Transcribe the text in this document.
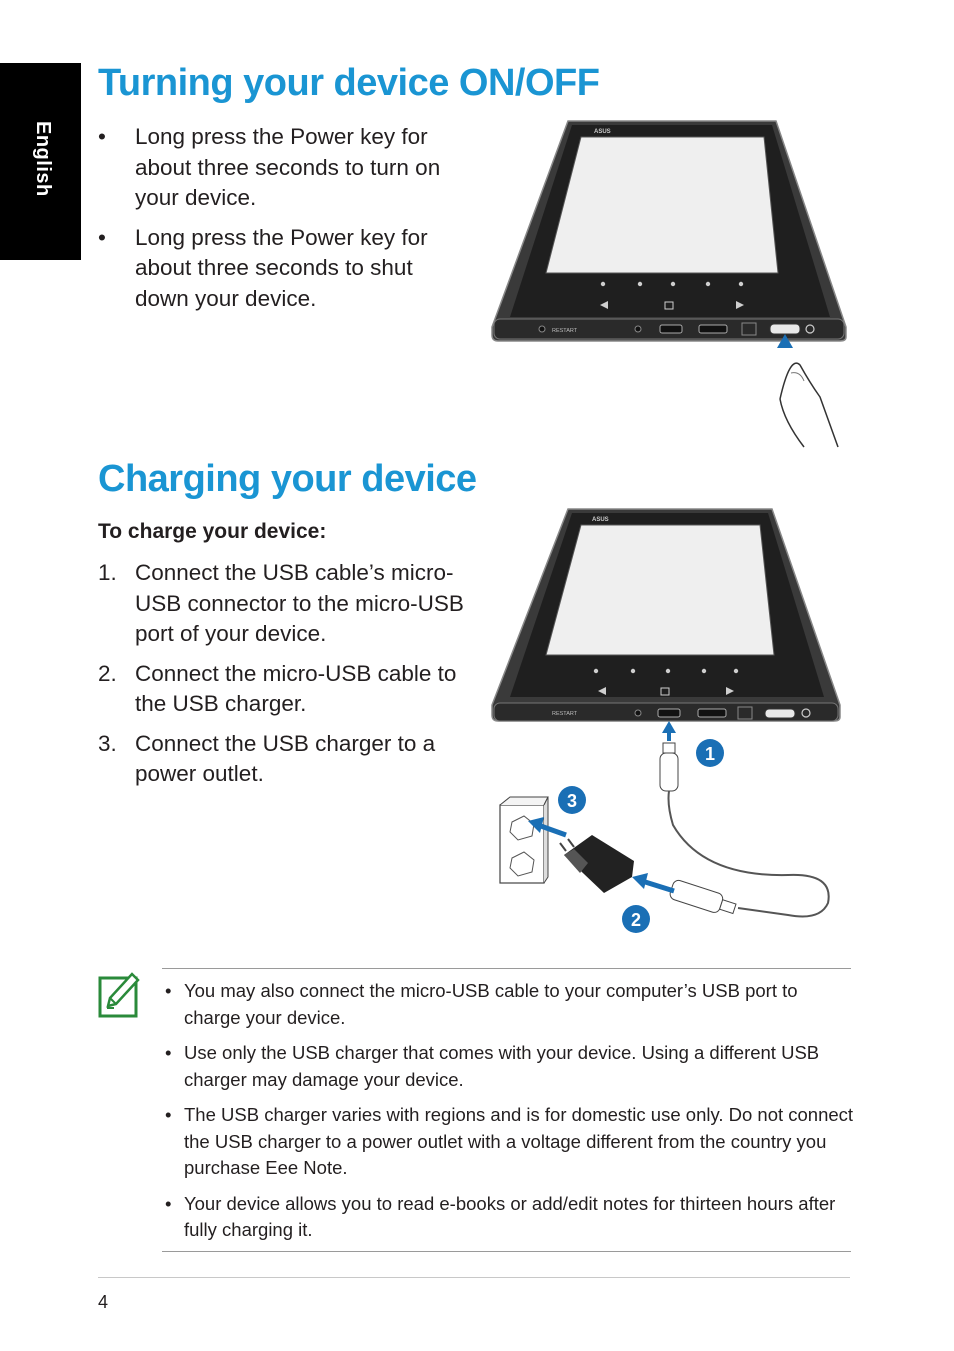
English
Turning your device ON/OFF
• Long press the Power key for about three seconds to turn on your device.
• Long press the Power key for about three seconds to shut down your device.
ASUS
RESTART
Charging your device

To charge your device:

1. Connect the USB cable’s micro-USB connector to the micro-USB port of your device.
2. Connect the micro-USB cable to the USB charger.
3. Connect the USB charger to a power outlet.
ASUS
RESTART
1
2
3
• You may also connect the micro-USB cable to your computer’s USB port to charge your device.
• Use only the USB charger that comes with your device. Using a different USB charger may damage your device.
• The USB charger varies with regions and is for domestic use only. Do not connect the USB charger to a power outlet with a voltage different from the country you purchase Eee Note.
• Your device allows you to read e-books or add/edit notes for thirteen hours after fully charging it.
4
